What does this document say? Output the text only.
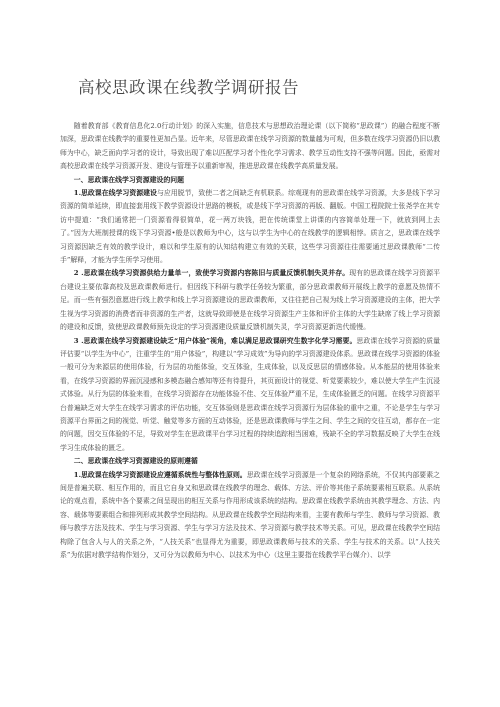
高校思政课在线教学调研报告

随着教育部《教育信息化2.0行动计划》的深入实施，信息技术与思想政治理论课（以下简称“思政课”）的融合程度不断加深，思政课在线教学的重要性更加凸显。近年来，尽管思政课在线学习资源的数量越为可观，但多数在线学习资源仍旧以教师为中心，缺乏面向学习者的设计，导致出现了难以匹配学习者个性化学习需求、教学互动性支持不强等问题。因此，亟需对高校思政课在线学习资源开发、建设与管理予以重新审视，推进思政课在线教学高质量发展。

一、思政课在线学习资源建设的问题

1.思政课在线学习资源建设与应用脱节，致使二者之间缺乏有机联系。综观现有的思政课在线学习资源，大多是线下学习资源的简单延续，即直接套用线下教学资源设计思路的模板，或是线下学习资源的再版、翻版。中国工程院院士张尧学在其专访中提道：“我们通常把一门资源看得很简单，花一两万块钱，把在传统课堂上讲课的内容简单处理一下，就放到网上去了。”因为大班制授课的线下学习资源•般是以教师为中心，这与以学生为中心的在线教学的逻辑相悖。质言之，思政课在线学习资源因缺乏有效的教学设计，难以和学生原有的认知结构建立有效的关联，这些学习资源往往需要通过思政课教师“二传手”解释，才能为学生所学习使用。

2 .思政课在线学习资源供给力量单一，致使学习资源内容陈旧与质量反馈机制失灵并存。现有的思政课在线学习资源平台建设主要依靠高校及思政课教师进行。但因线下科研与教学任务较为繁重，部分思政课教师开展线上教学的意愿及热情不足。而一些有强烈意愿进行线上教学和线上学习资源建设的思政课教师，又往往把自己视为线上学习资源建设的主体，把大学生视为学习资源的消费者而非资源的生产者，这就导致即使是在线学习资源生产主体和评价主体的大学生缺席了线上学习资源的建设和反馈，致使思政课教师预先设定的学习资源建设质量反馈机制失灵，学习资源更新迭代缓慢。

3 .思政课在线学习资源建设缺乏“用户体验”视角，难以满足思政课研究生数字化学习需要。思政课在线学习资源的质量评估要“以学生为中心”，注重学生的“用户体验”，构建以“学习成效”为导向的学习资源建设体系。思政课在线学习资源的体验一般可分为来源层的使用体验，行为层的功能体验，交互体验，生成体验，以及反思层的情感体验。从本能层的使用体验来看，在线学习资源的界面沉浸感和多模态融合感知等还有待提升，其页面设计的视觉、听觉要素较少，难以使大学生产生沉浸式体验。从行为层的体验来看，在线学习资源存在功能体验不佳、交互体验严重不足，生成体验匮乏的问题。在线学习资源平台普遍缺乏对大学生在线学习需求的评估功能，交互体验则是思政课在线学习资源行为层体验的重中之重，不论是学生与学习资源平台界面之间的视觉、听觉、触觉等多方面的互动体验，还是思政课教师与学生之间、学生之间的交往互动，都存在一定的问题，因交互体验的不足，导致对学生在思政课平台学习过程的持续追踪相当困难，残缺不全的学习数据反映了大学生在线学习生成体验的匮乏。

二、思政课在线学习资源建设的原则遵循

1.思政课在线学习资源建设应遵循系统性与整体性原则。思政课在线学习资源是一个复杂的网络系统，不仅其内部要素之间是普遍关联、相互作用的，而且它自身又和思政课在线教学的理念、载体、方法、评价等其他子系统要素相互联系。从系统论的观点看，系统中各个要素之间呈现出的相互关系与作用形成该系统的结构。思政课在线教学系统由其教学理念、方法、内容、载体等要素组合和排列形成其教学空间结构。从思政课在线教学空间结构来看，主要有教师与学生、教师与学习资源、教师与教学方法及技术、学生与学习资源、学生与学习方法及技术、学习资源与教学技术等关系。可见，思政课在线教学空间结构除了包含人与人的关系之外，“人技关系”也显得尤为重要，即思政课教师与技术的关系、学生与技术的关系。以“人技关系”为依据对教学结构作划分，又可分为以教师为中心、以技术为中心（这里主要指在线教学平台媒介）、以学
